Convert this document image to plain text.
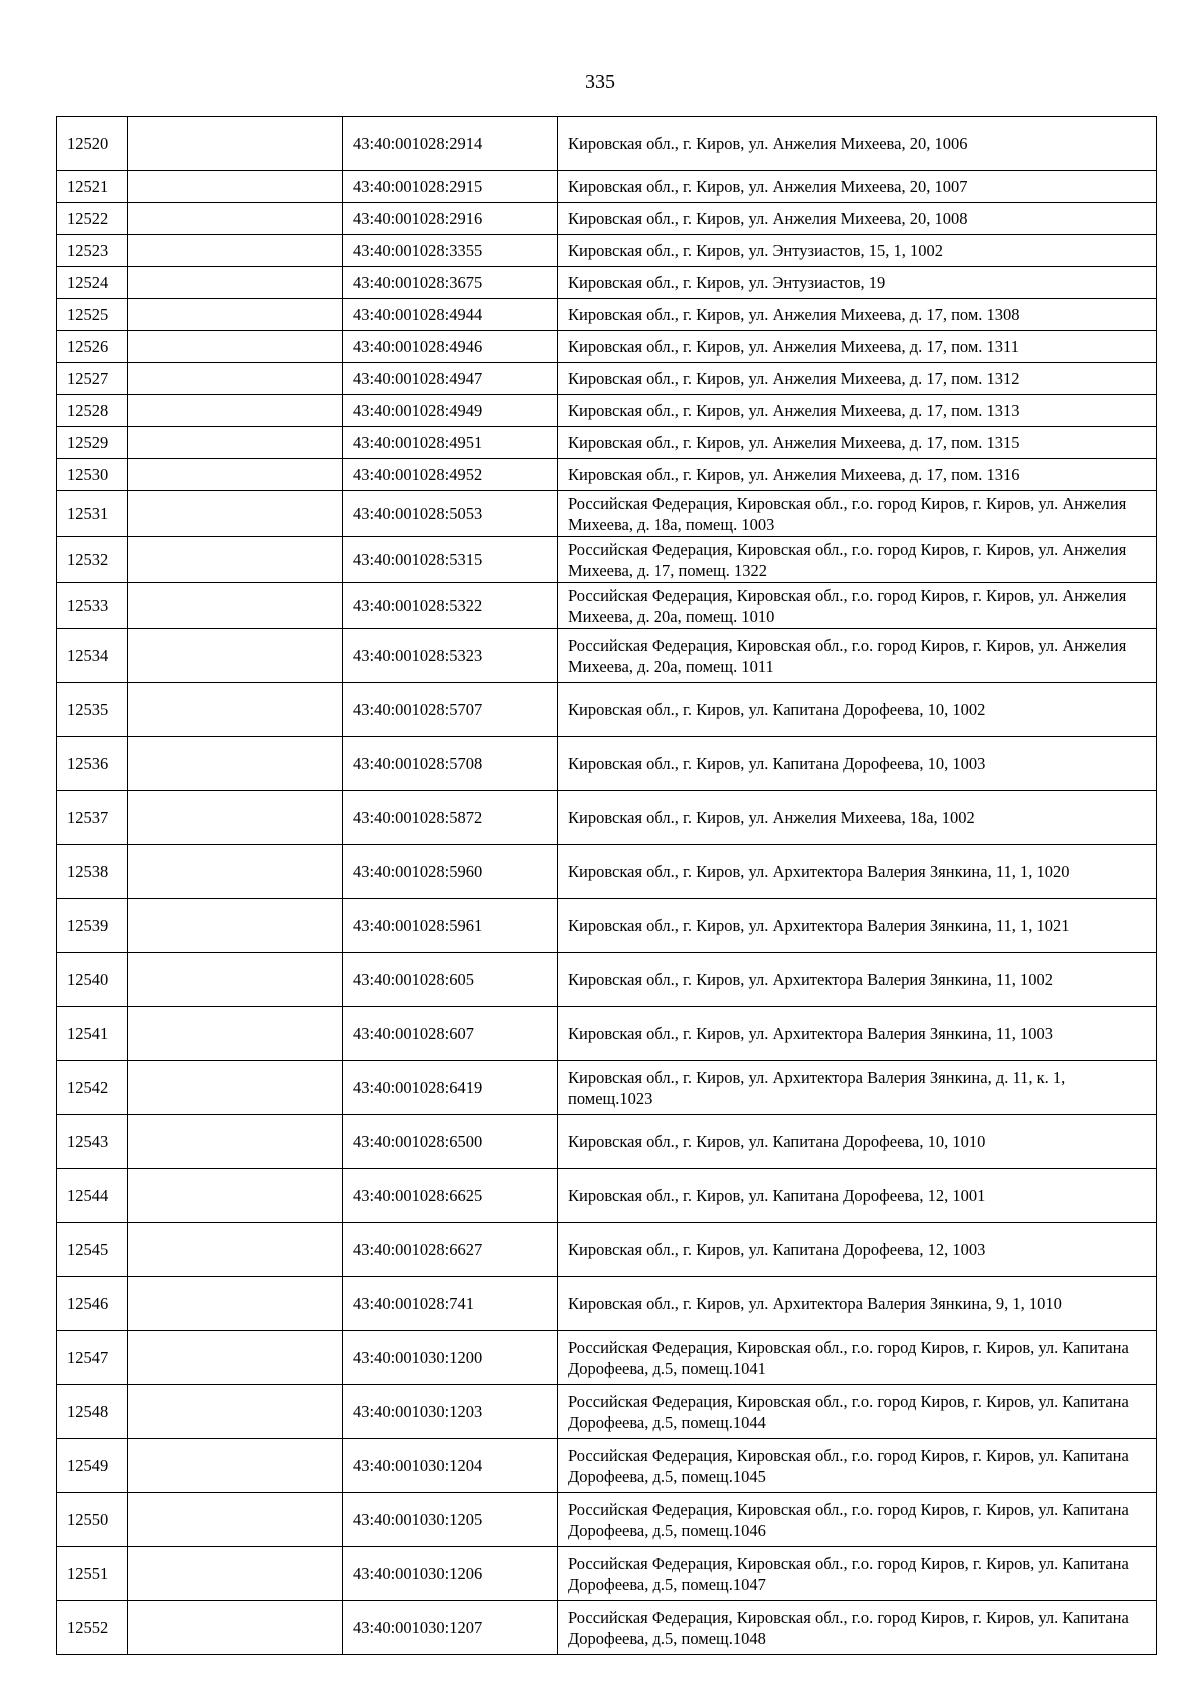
335
12520		43:40:001028:2914	Кировская обл., г. Киров, ул. Анжелия Михеева, 20, 1006
12521		43:40:001028:2915	Кировская обл., г. Киров, ул. Анжелия Михеева, 20, 1007
12522		43:40:001028:2916	Кировская обл., г. Киров, ул. Анжелия Михеева, 20, 1008
12523		43:40:001028:3355	Кировская обл., г. Киров, ул. Энтузиастов, 15, 1, 1002
12524		43:40:001028:3675	Кировская обл., г. Киров, ул. Энтузиастов, 19
12525		43:40:001028:4944	Кировская обл., г. Киров, ул. Анжелия Михеева, д. 17, пом. 1308
12526		43:40:001028:4946	Кировская обл., г. Киров, ул. Анжелия Михеева, д. 17, пом. 1311
12527		43:40:001028:4947	Кировская обл., г. Киров, ул. Анжелия Михеева, д. 17, пом. 1312
12528		43:40:001028:4949	Кировская обл., г. Киров, ул. Анжелия Михеева, д. 17, пом. 1313
12529		43:40:001028:4951	Кировская обл., г. Киров, ул. Анжелия Михеева, д. 17, пом. 1315
12530		43:40:001028:4952	Кировская обл., г. Киров, ул. Анжелия Михеева, д. 17, пом. 1316
12531		43:40:001028:5053	Российская Федерация, Кировская обл., г.о. город Киров, г. Киров, ул. Анжелия Михеева, д. 18а, помещ. 1003
12532		43:40:001028:5315	Российская Федерация, Кировская обл., г.о. город Киров, г. Киров, ул. Анжелия Михеева, д. 17, помещ. 1322
12533		43:40:001028:5322	Российская Федерация, Кировская обл., г.о. город Киров, г. Киров, ул. Анжелия Михеева, д. 20а, помещ. 1010
12534		43:40:001028:5323	Российская Федерация, Кировская обл., г.о. город Киров, г. Киров, ул. Анжелия Михеева, д. 20а, помещ. 1011
12535		43:40:001028:5707	Кировская обл., г. Киров, ул. Капитана Дорофеева, 10, 1002
12536		43:40:001028:5708	Кировская обл., г. Киров, ул. Капитана Дорофеева, 10, 1003
12537		43:40:001028:5872	Кировская обл., г. Киров, ул. Анжелия Михеева, 18а, 1002
12538		43:40:001028:5960	Кировская обл., г. Киров, ул. Архитектора Валерия Зянкина, 11, 1, 1020
12539		43:40:001028:5961	Кировская обл., г. Киров, ул. Архитектора Валерия Зянкина, 11, 1, 1021
12540		43:40:001028:605	Кировская обл., г. Киров, ул. Архитектора Валерия Зянкина, 11, 1002
12541		43:40:001028:607	Кировская обл., г. Киров, ул. Архитектора Валерия Зянкина, 11, 1003
12542		43:40:001028:6419	Кировская обл., г. Киров, ул. Архитектора Валерия Зянкина, д. 11, к. 1, помещ.1023
12543		43:40:001028:6500	Кировская обл., г. Киров, ул. Капитана Дорофеева, 10, 1010
12544		43:40:001028:6625	Кировская обл., г. Киров, ул. Капитана Дорофеева, 12, 1001
12545		43:40:001028:6627	Кировская обл., г. Киров, ул. Капитана Дорофеева, 12, 1003
12546		43:40:001028:741	Кировская обл., г. Киров, ул. Архитектора Валерия Зянкина, 9, 1, 1010
12547		43:40:001030:1200	Российская Федерация, Кировская обл., г.о. город Киров, г. Киров, ул. Капитана Дорофеева, д.5, помещ.1041
12548		43:40:001030:1203	Российская Федерация, Кировская обл., г.о. город Киров, г. Киров, ул. Капитана Дорофеева, д.5, помещ.1044
12549		43:40:001030:1204	Российская Федерация, Кировская обл., г.о. город Киров, г. Киров, ул. Капитана Дорофеева, д.5, помещ.1045
12550		43:40:001030:1205	Российская Федерация, Кировская обл., г.о. город Киров, г. Киров, ул. Капитана Дорофеева, д.5, помещ.1046
12551		43:40:001030:1206	Российская Федерация, Кировская обл., г.о. город Киров, г. Киров, ул. Капитана Дорофеева, д.5, помещ.1047
12552		43:40:001030:1207	Российская Федерация, Кировская обл., г.о. город Киров, г. Киров, ул. Капитана Дорофеева, д.5, помещ.1048
